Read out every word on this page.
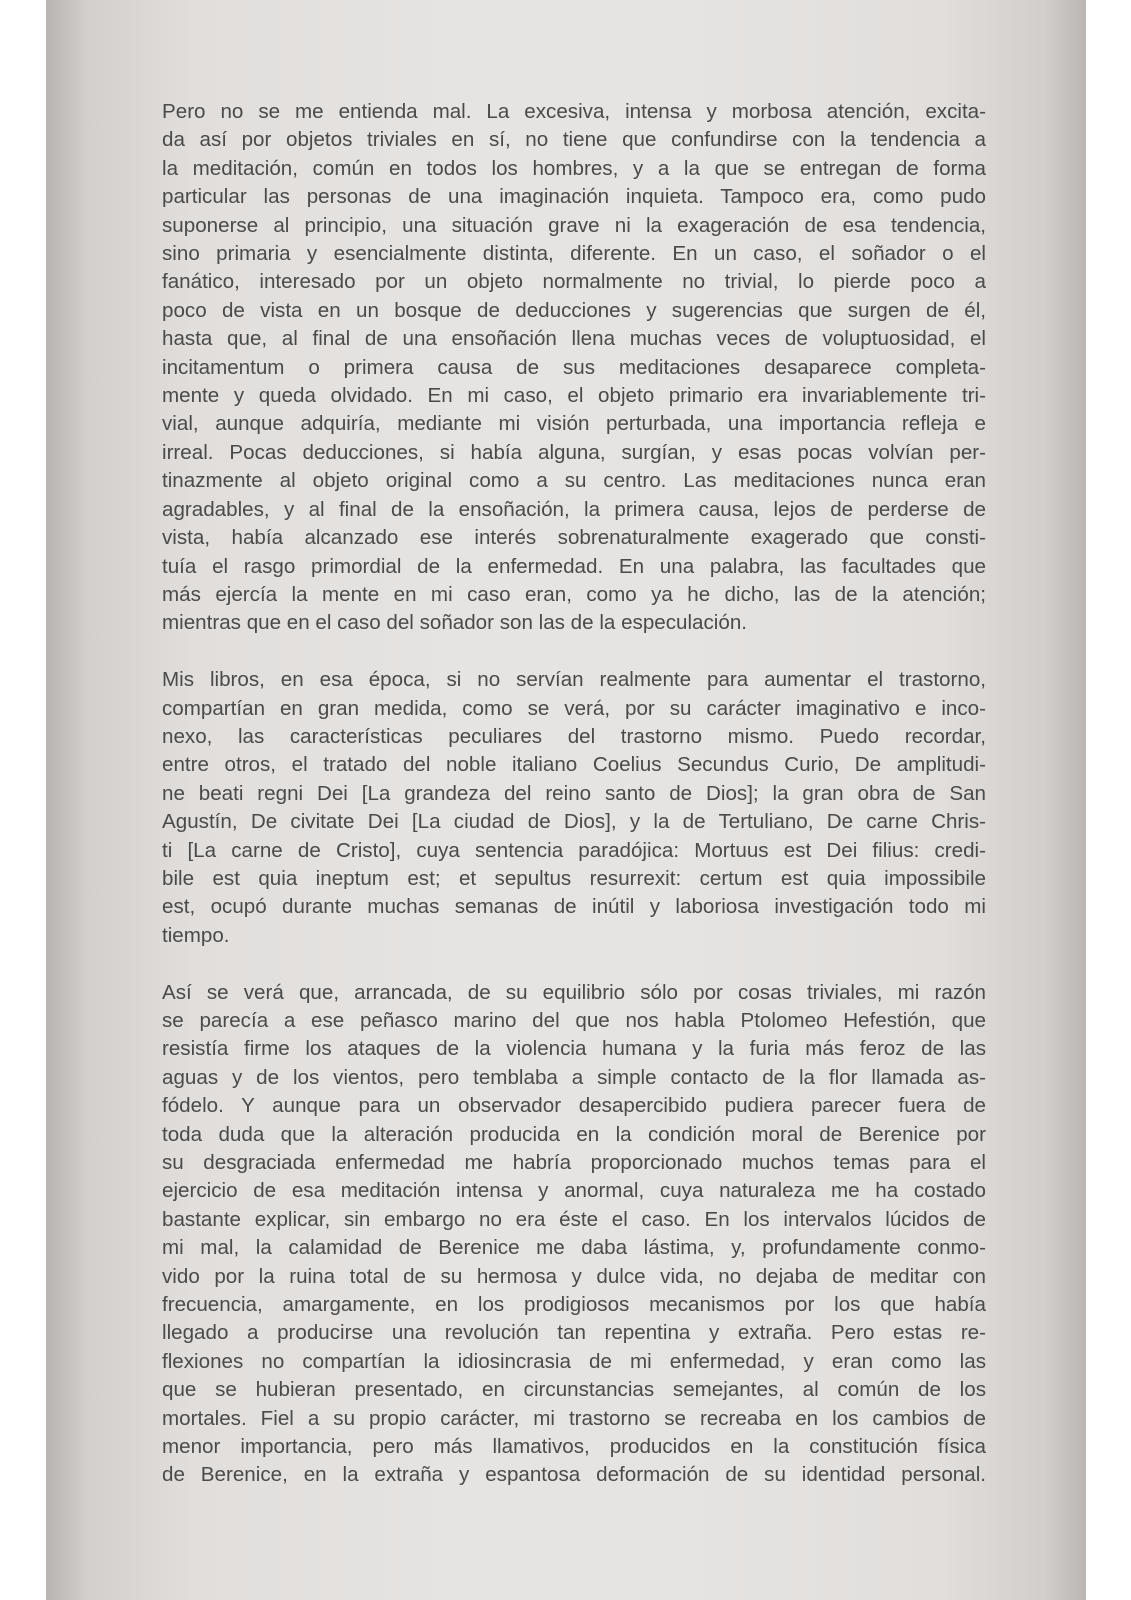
Pero no se me entienda mal. La excesiva, intensa y morbosa atención, excita-
da así por objetos triviales en sí, no tiene que confundirse con la tendencia a
la meditación, común en todos los hombres, y a la que se entregan de forma
particular las personas de una imaginación inquieta. Tampoco era, como pudo
suponerse al principio, una situación grave ni la exageración de esa tendencia,
sino primaria y esencialmente distinta, diferente. En un caso, el soñador o el
fanático, interesado por un objeto normalmente no trivial, lo pierde poco a
poco de vista en un bosque de deducciones y sugerencias que surgen de él,
hasta que, al final de una ensoñación llena muchas veces de voluptuosidad, el
incitamentum o primera causa de sus meditaciones desaparece completa-
mente y queda olvidado. En mi caso, el objeto primario era invariablemente tri-
vial, aunque adquiría, mediante mi visión perturbada, una importancia refleja e
irreal. Pocas deducciones, si había alguna, surgían, y esas pocas volvían per-
tinazmente al objeto original como a su centro. Las meditaciones nunca eran
agradables, y al final de la ensoñación, la primera causa, lejos de perderse de
vista, había alcanzado ese interés sobrenaturalmente exagerado que consti-
tuía el rasgo primordial de la enfermedad. En una palabra, las facultades que
más ejercía la mente en mi caso eran, como ya he dicho, las de la atención;
mientras que en el caso del soñador son las de la especulación.

Mis libros, en esa época, si no servían realmente para aumentar el trastorno,
compartían en gran medida, como se verá, por su carácter imaginativo e inco-
nexo, las características peculiares del trastorno mismo. Puedo recordar,
entre otros, el tratado del noble italiano Coelius Secundus Curio, De amplitudi-
ne beati regni Dei [La grandeza del reino santo de Dios]; la gran obra de San
Agustín, De civitate Dei [La ciudad de Dios], y la de Tertuliano, De carne Chris-
ti [La carne de Cristo], cuya sentencia paradójica: Mortuus est Dei filius: credi-
bile est quia ineptum est; et sepultus resurrexit: certum est quia impossibile
est, ocupó durante muchas semanas de inútil y laboriosa investigación todo mi
tiempo.

Así se verá que, arrancada, de su equilibrio sólo por cosas triviales, mi razón
se parecía a ese peñasco marino del que nos habla Ptolomeo Hefestión, que
resistía firme los ataques de la violencia humana y la furia más feroz de las
aguas y de los vientos, pero temblaba a simple contacto de la flor llamada as-
fódelo. Y aunque para un observador desapercibido pudiera parecer fuera de
toda duda que la alteración producida en la condición moral de Berenice por
su desgraciada enfermedad me habría proporcionado muchos temas para el
ejercicio de esa meditación intensa y anormal, cuya naturaleza me ha costado
bastante explicar, sin embargo no era éste el caso. En los intervalos lúcidos de
mi mal, la calamidad de Berenice me daba lástima, y, profundamente conmo-
vido por la ruina total de su hermosa y dulce vida, no dejaba de meditar con
frecuencia, amargamente, en los prodigiosos mecanismos por los que había
llegado a producirse una revolución tan repentina y extraña. Pero estas re-
flexiones no compartían la idiosincrasia de mi enfermedad, y eran como las
que se hubieran presentado, en circunstancias semejantes, al común de los
mortales. Fiel a su propio carácter, mi trastorno se recreaba en los cambios de
menor importancia, pero más llamativos, producidos en la constitución física
de Berenice, en la extraña y espantosa deformación de su identidad personal.
